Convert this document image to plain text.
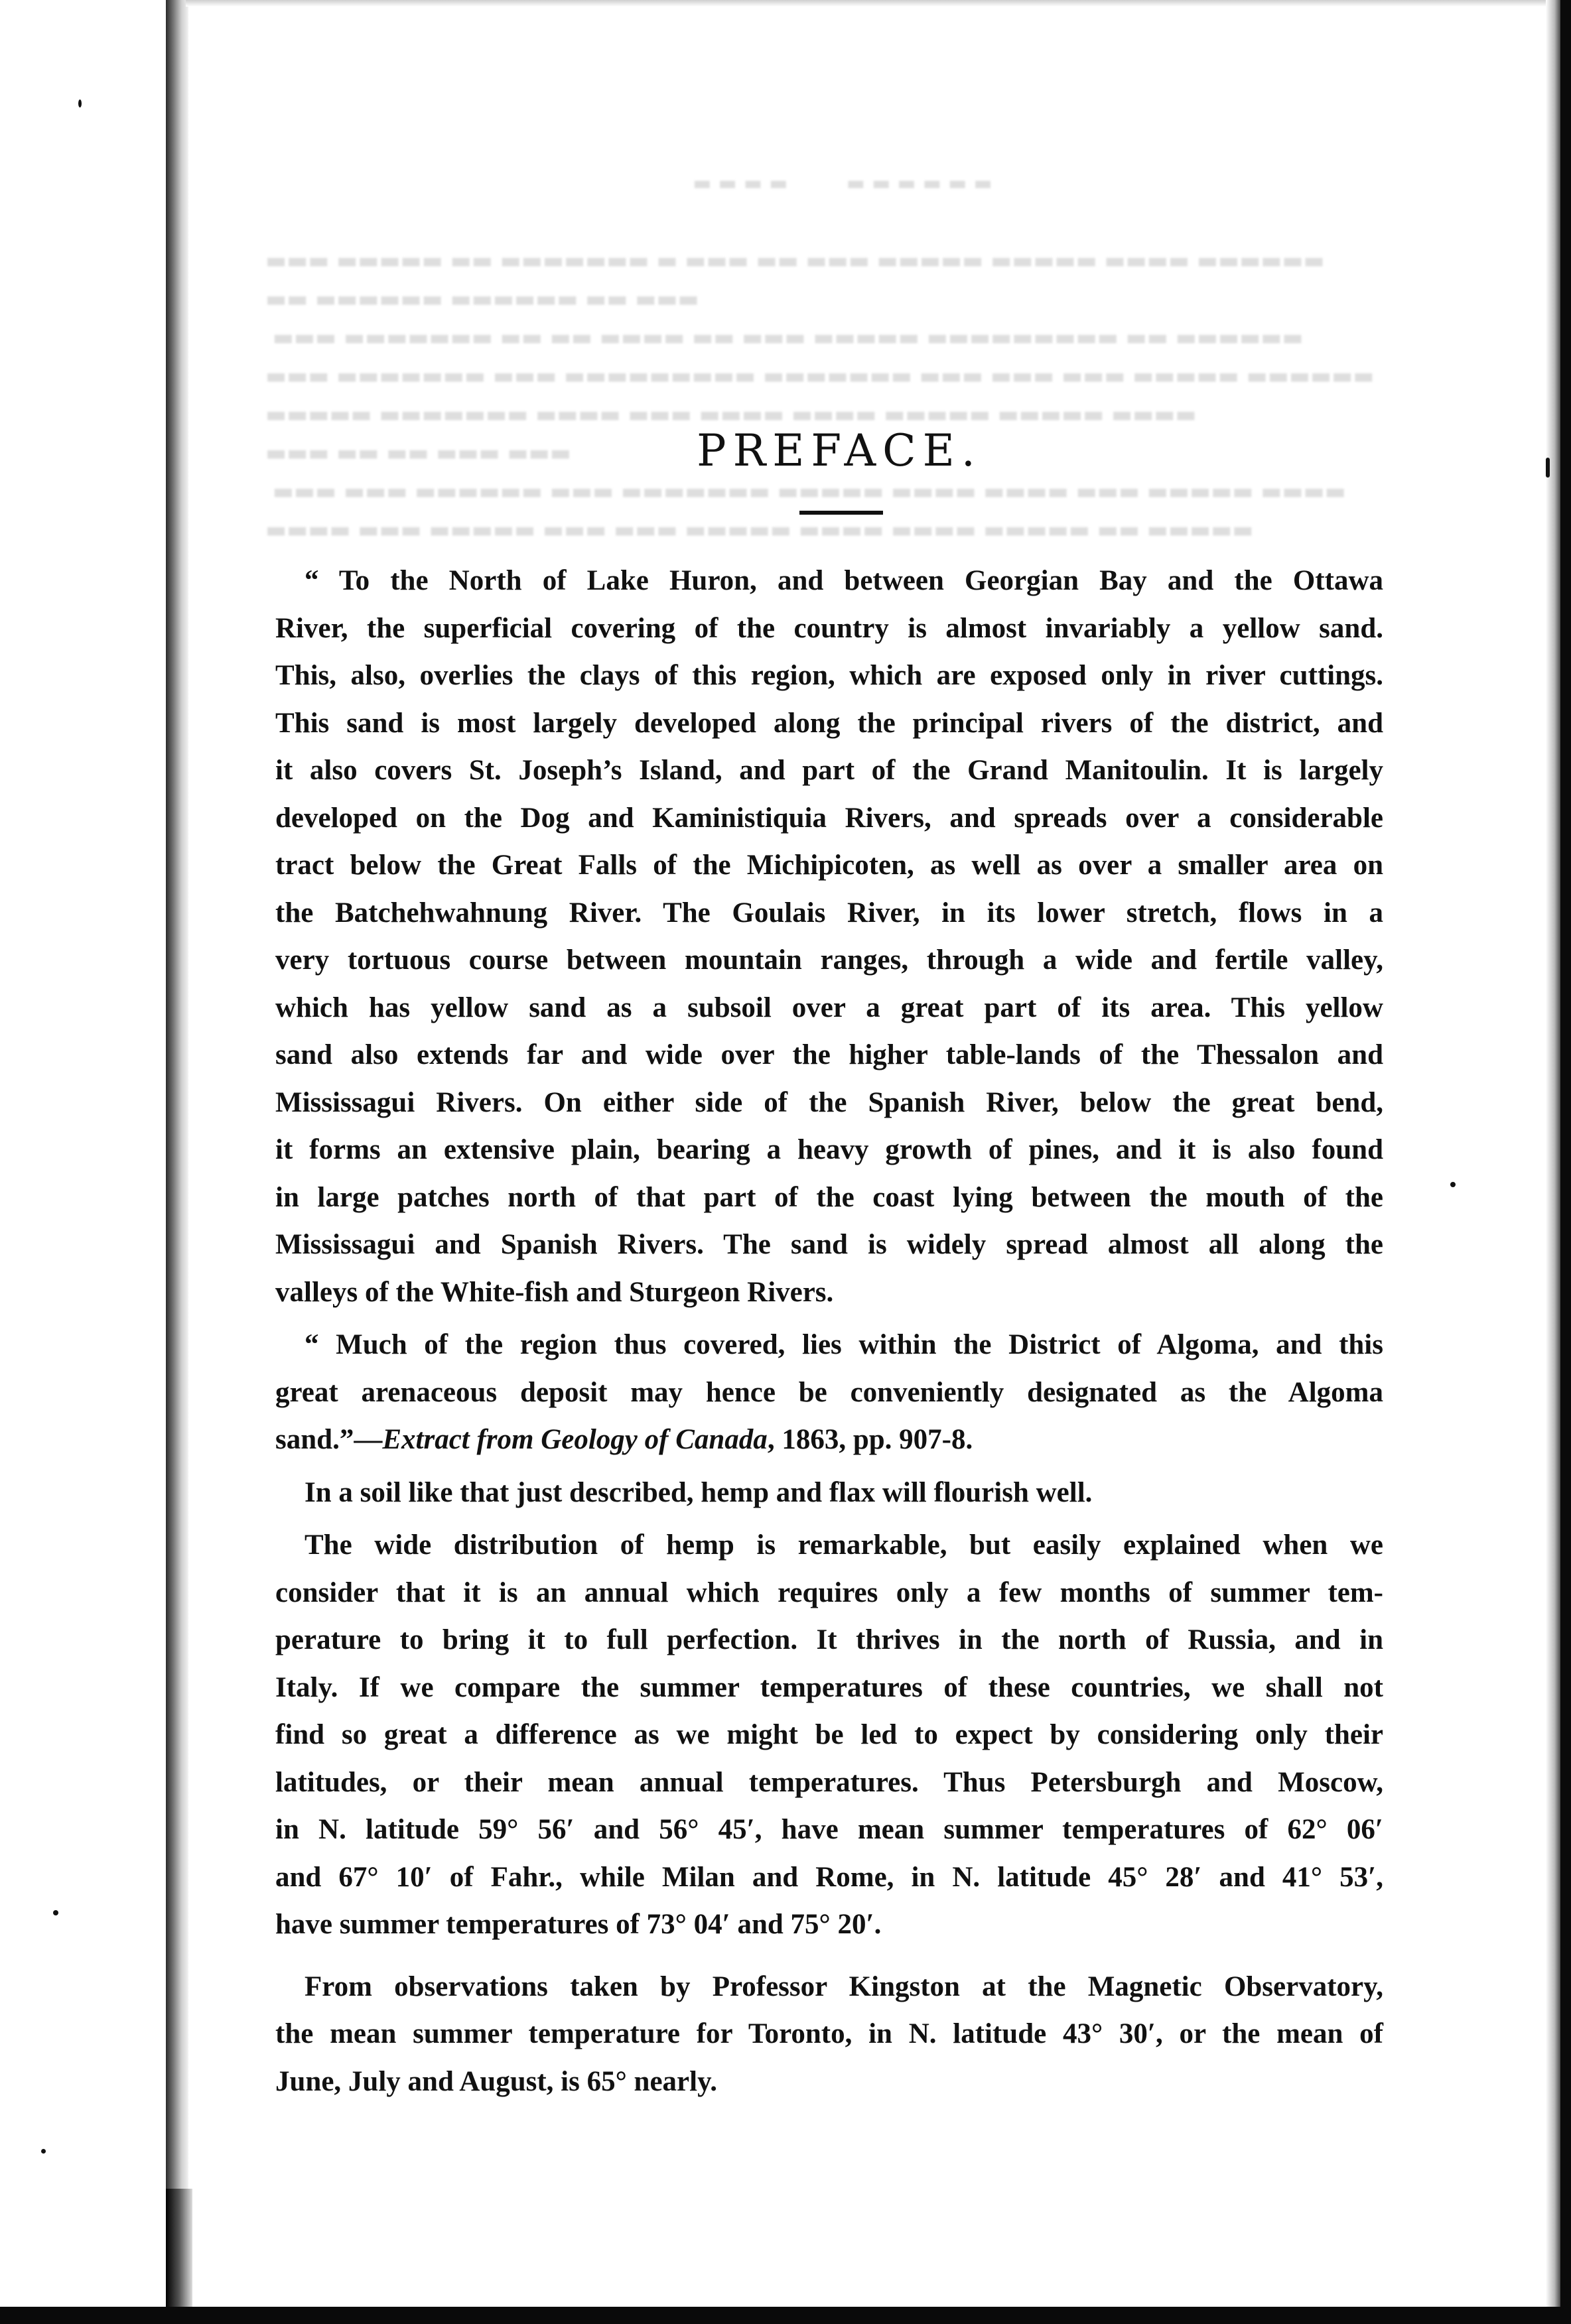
▬▬▬▬    ▬▬▬▬▬▬

▬▬▬ ▬▬▬▬▬ ▬▬ ▬▬▬▬▬▬▬ ▬ ▬▬▬ ▬▬ ▬▬▬ ▬▬▬▬▬ ▬▬▬▬▬ ▬▬▬▬ ▬▬▬▬▬▬
▬▬ ▬▬▬▬▬▬ ▬▬▬▬▬▬ ▬▬ ▬▬▬
▬▬▬ ▬▬▬▬▬▬▬ ▬▬ ▬▬ ▬▬▬▬ ▬▬ ▬▬▬ ▬▬▬▬▬ ▬▬▬▬▬▬▬▬▬ ▬▬ ▬▬▬▬▬▬
▬▬▬ ▬▬▬▬▬▬▬ ▬▬▬ ▬▬▬▬▬▬▬▬▬ ▬▬▬▬▬▬▬ ▬▬▬ ▬▬▬ ▬▬▬ ▬▬▬▬▬ ▬▬▬▬▬▬
▬▬▬▬▬ ▬▬▬▬▬▬▬ ▬▬▬▬ ▬▬▬ ▬▬▬▬ ▬▬▬▬ ▬▬▬▬▬ ▬▬▬▬▬ ▬▬▬▬
▬▬▬ ▬▬ ▬▬ ▬▬▬ ▬▬▬
▬▬▬ ▬▬▬ ▬▬▬▬▬▬ ▬▬▬ ▬▬▬▬▬▬▬ ▬▬▬▬▬ ▬▬▬▬ ▬▬▬▬ ▬▬▬ ▬▬▬▬▬ ▬▬▬▬
▬▬▬▬ ▬▬▬ ▬▬▬▬▬ ▬▬▬ ▬▬▬ ▬▬▬▬▬ ▬▬▬▬ ▬▬▬▬ ▬▬▬▬▬ ▬▬ ▬▬▬▬▬

PREFACE.

“ To the North of Lake Huron, and between Georgian Bay and the Ottawa
River, the superficial covering of the country is almost invariably a yellow sand.
This, also, overlies the clays of this region, which are exposed only in river cuttings.
This sand is most largely developed along the principal rivers of the district, and
it also covers St. Joseph’s Island, and part of the Grand Manitoulin. It is largely
developed on the Dog and Kaministiquia Rivers, and spreads over a considerable
tract below the Great Falls of the Michipicoten, as well as over a smaller area on
the Batchehwahnung River. The Goulais River, in its lower stretch, flows in a
very tortuous course between mountain ranges, through a wide and fertile valley,
which has yellow sand as a subsoil over a great part of its area. This yellow
sand also extends far and wide over the higher table-lands of the Thessalon and
Mississagui Rivers. On either side of the Spanish River, below the great bend,
it forms an extensive plain, bearing a heavy growth of pines, and it is also found
in large patches north of that part of the coast lying between the mouth of the
Mississagui and Spanish Rivers. The sand is widely spread almost all along the
valleys of the White-fish and Sturgeon Rivers.

“ Much of the region thus covered, lies within the District of Algoma, and this
great arenaceous deposit may hence be conveniently designated as the Algoma
sand.”—Extract from Geology of Canada, 1863, pp. 907-8.

In a soil like that just described, hemp and flax will flourish well.

The wide distribution of hemp is remarkable, but easily explained when we
consider that it is an annual which requires only a few months of summer tem-
perature to bring it to full perfection. It thrives in the north of Russia, and in
Italy. If we compare the summer temperatures of these countries, we shall not
find so great a difference as we might be led to expect by considering only their
latitudes, or their mean annual temperatures. Thus Petersburgh and Moscow,
in N. latitude 59° 56ʹ and 56° 45ʹ, have mean summer temperatures of 62° 06ʹ
and 67° 10ʹ of Fahr., while Milan and Rome, in N. latitude 45° 28ʹ and 41° 53ʹ,
have summer temperatures of 73° 04ʹ and 75° 20ʹ.

From observations taken by Professor Kingston at the Magnetic Observatory,
the mean summer temperature for Toronto, in N. latitude 43° 30ʹ, or the mean of
June, July and August, is 65° nearly.
